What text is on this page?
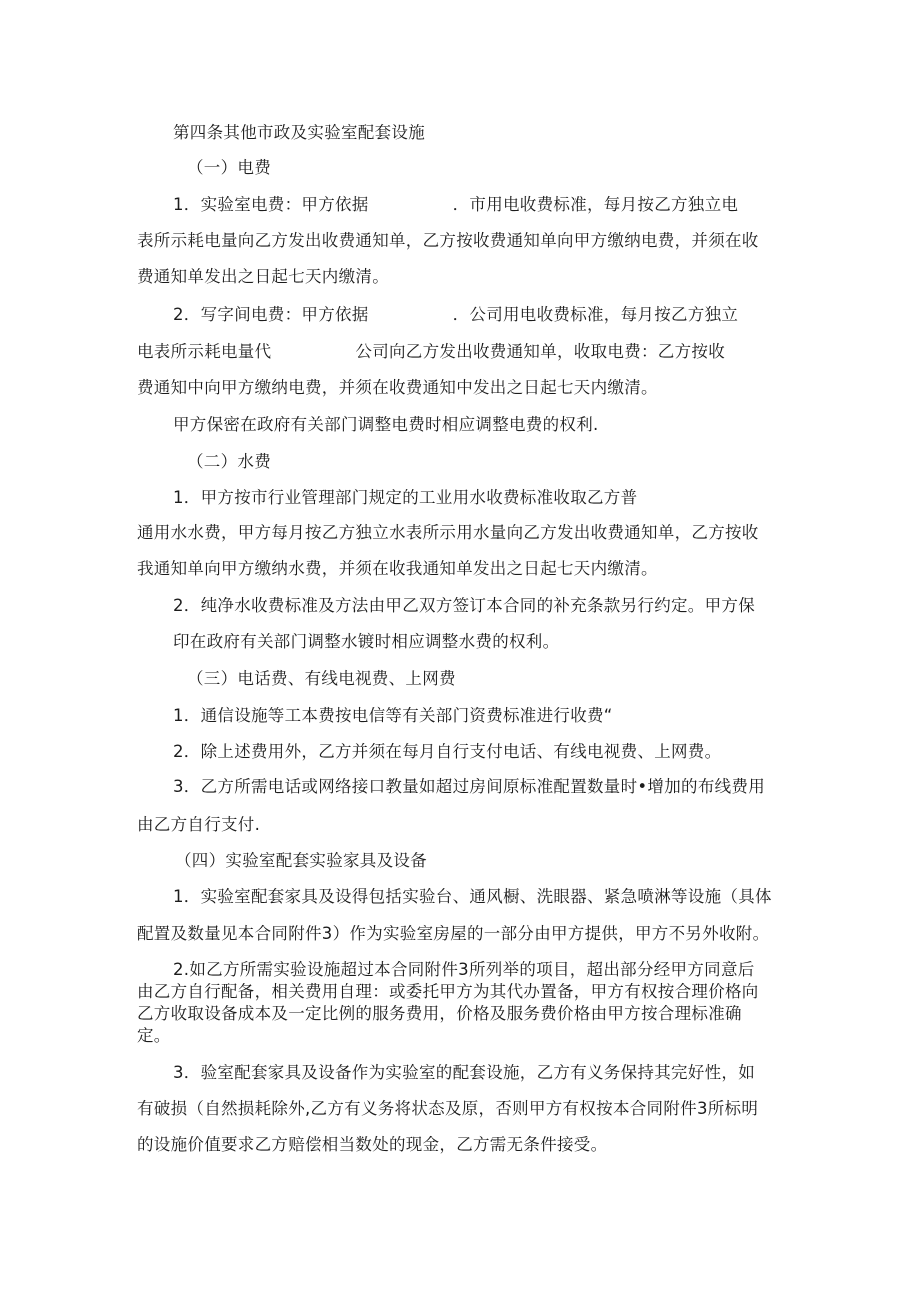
第四条其他市政及实验室配套设施
（一）电费
1．实验室电费：甲方依据　　　　　．市用电收费标准，每月按乙方独立电
表所示耗电量向乙方发出收费通知单，乙方按收费通知单向甲方缴纳电费，并须在收
费通知单发出之日起七天内缴清。
2．写字间电费：甲方依据　　　　　．公司用电收费标准，每月按乙方独立
电表所示耗电量代　　　　　公司向乙方发出收费通知单，收取电费：乙方按收
费通知中向甲方缴纳电费，并须在收费通知中发出之日起七天内缴清。
甲方保密在政府有关部门调整电费时相应调整电费的权利.
（二）水费
1．甲方按市行业管理部门规定的工业用水收费标准收取乙方普
通用水水费，甲方每月按乙方独立水表所示用水量向乙方发出收费通知单，乙方按收
我通知单向甲方缴纳水费，并须在收我通知单发出之日起七天内缴清。
2．纯净水收费标准及方法由甲乙双方签订本合同的补充条款另行约定。甲方保
印在政府有关部门调整水镀时相应调整水费的权利。
（三）电话费、有线电视费、上网费
1．通信设施等工本费按电信等有关部门资费标准进行收费“
2．除上述费用外，乙方并须在每月自行支付电话、有线电视费、上网费。
3．乙方所需电话或网络接口教量如超过房间原标准配置数量时•增加的布线费用
由乙方自行支付.
（四）实验室配套实验家具及设备
1．实验室配套家具及设得包括实验台、通风橱、洗眼器、紧急喷淋等设施（具体
配置及数量见本合同附件3）作为实验室房屋的一部分由甲方提供，甲方不另外收附。
2.如乙方所需实验设施超过本合同附件3所列举的项目，超出部分经甲方同意后
由乙方自行配备，相关费用自理：或委托甲方为其代办置备，甲方有权按合理价格向
乙方收取设备成本及一定比例的服务费用，价格及服务费价格由甲方按合理标准确
定。
3．验室配套家具及设备作为实验室的配套设施，乙方有义务保持其完好性，如
有破损（自然损耗除外,乙方有义务将状态及原，否则甲方有权按本合同附件3所标明
的设施价值要求乙方赔偿相当数处的现金，乙方需无条件接受。
